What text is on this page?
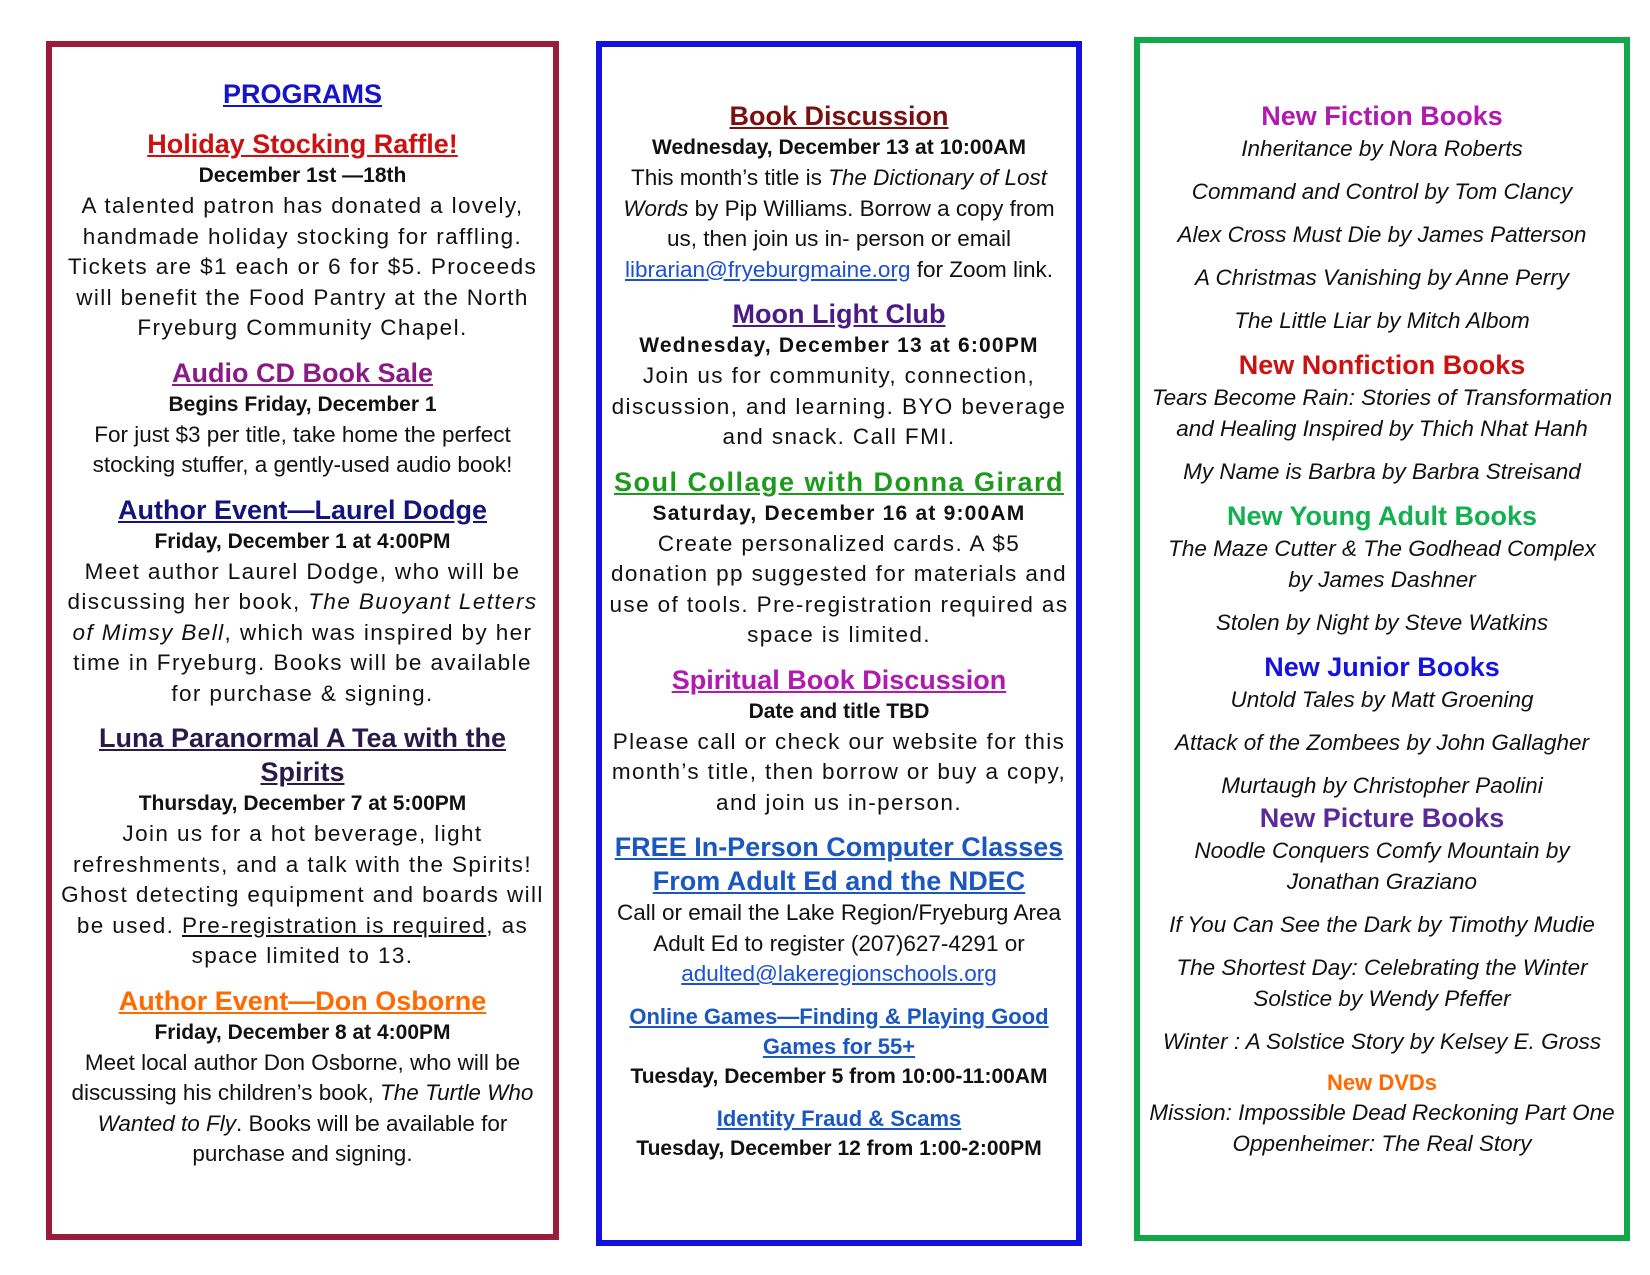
PROGRAMS
Holiday Stocking Raffle!
December 1st —18th
A talented patron has donated a lovely, handmade holiday stocking for raffling. Tickets are $1 each or 6 for $5. Proceeds will benefit the Food Pantry at the North Fryeburg Community Chapel.
Audio CD Book Sale
Begins Friday, December 1
For just $3 per title, take home the perfect stocking stuffer, a gently-used audio book!
Author Event—Laurel Dodge
Friday, December 1 at 4:00PM
Meet author Laurel Dodge, who will be discussing her book, The Buoyant Letters of Mimsy Bell, which was inspired by her time in Fryeburg. Books will be available for purchase & signing.
Luna Paranormal A Tea with the Spirits
Thursday, December 7 at 5:00PM
Join us for a hot beverage, light refreshments, and a talk with the Spirits! Ghost detecting equipment and boards will be used. Pre-registration is required, as space limited to 13.
Author Event—Don Osborne
Friday, December 8 at 4:00PM
Meet local author Don Osborne, who will be discussing his children’s book, The Turtle Who Wanted to Fly. Books will be available for purchase and signing.
Book Discussion
Wednesday, December 13 at 10:00AM
This month’s title is The Dictionary of Lost Words by Pip Williams. Borrow a copy from us, then join us in- person or email librarian@fryeburgmaine.org for Zoom link.
Moon Light Club
Wednesday, December 13 at 6:00PM
Join us for community, connection, discussion, and learning. BYO beverage and snack. Call FMI.
Soul Collage with Donna Girard
Saturday, December 16 at 9:00AM
Create personalized cards. A $5 donation pp suggested for materials and use of tools. Pre-registration required as space is limited.
Spiritual Book Discussion
Date and title TBD
Please call or check our website for this month’s title, then borrow or buy a copy, and join us in-person.
FREE In-Person Computer Classes
From Adult Ed and the NDEC
Call or email the Lake Region/Fryeburg Area Adult Ed to register (207)627-4291 or
adulted@lakeregionschools.org
Online Games—Finding & Playing Good Games for 55+
Tuesday, December 5 from 10:00-11:00AM
Identity Fraud & Scams
Tuesday, December 12 from 1:00-2:00PM
New Fiction Books
Inheritance by Nora Roberts
Command and Control by Tom Clancy
Alex Cross Must Die by James Patterson
A Christmas Vanishing by Anne Perry
The Little Liar by Mitch Albom
New Nonfiction Books
Tears Become Rain: Stories of Transformation and Healing Inspired by Thich Nhat Hanh
My Name is Barbra by Barbra Streisand
New Young Adult Books
The Maze Cutter & The Godhead Complex by James Dashner
Stolen by Night by Steve Watkins
New Junior Books
Untold Tales by Matt Groening
Attack of the Zombees by John Gallagher
Murtaugh by Christopher Paolini
New Picture Books
Noodle Conquers Comfy Mountain by Jonathan Graziano
If You Can See the Dark by Timothy Mudie
The Shortest Day: Celebrating the Winter Solstice by Wendy Pfeffer
Winter : A Solstice Story by Kelsey E. Gross
New DVDs
Mission: Impossible Dead Reckoning Part One
Oppenheimer: The Real Story
